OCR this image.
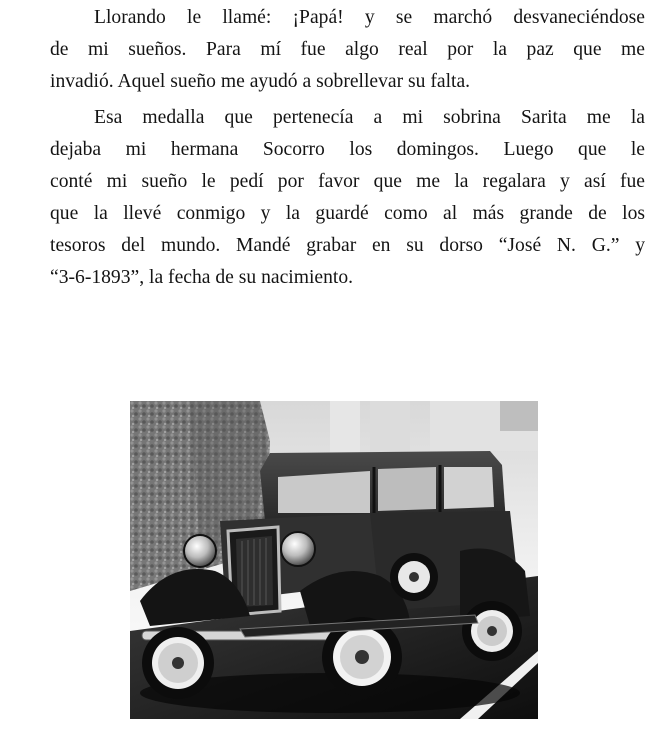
Llorando le llamé: ¡Papá! y se marchó desvaneciéndose
de mi sueños. Para mí fue algo real por la paz que me
invadió. Aquel sueño me ayudó a sobrellevar su falta.

Esa medalla que pertenecía a mi sobrina Sarita me la
dejaba mi hermana Socorro los domingos. Luego que le
conté mi sueño le pedí por favor que me la regalara y así fue
que la llevé conmigo y la guardé como al más grande de los
tesoros del mundo. Mandé grabar en su dorso “José N. G.” y
“3-6-1893”, la fecha de su nacimiento.
